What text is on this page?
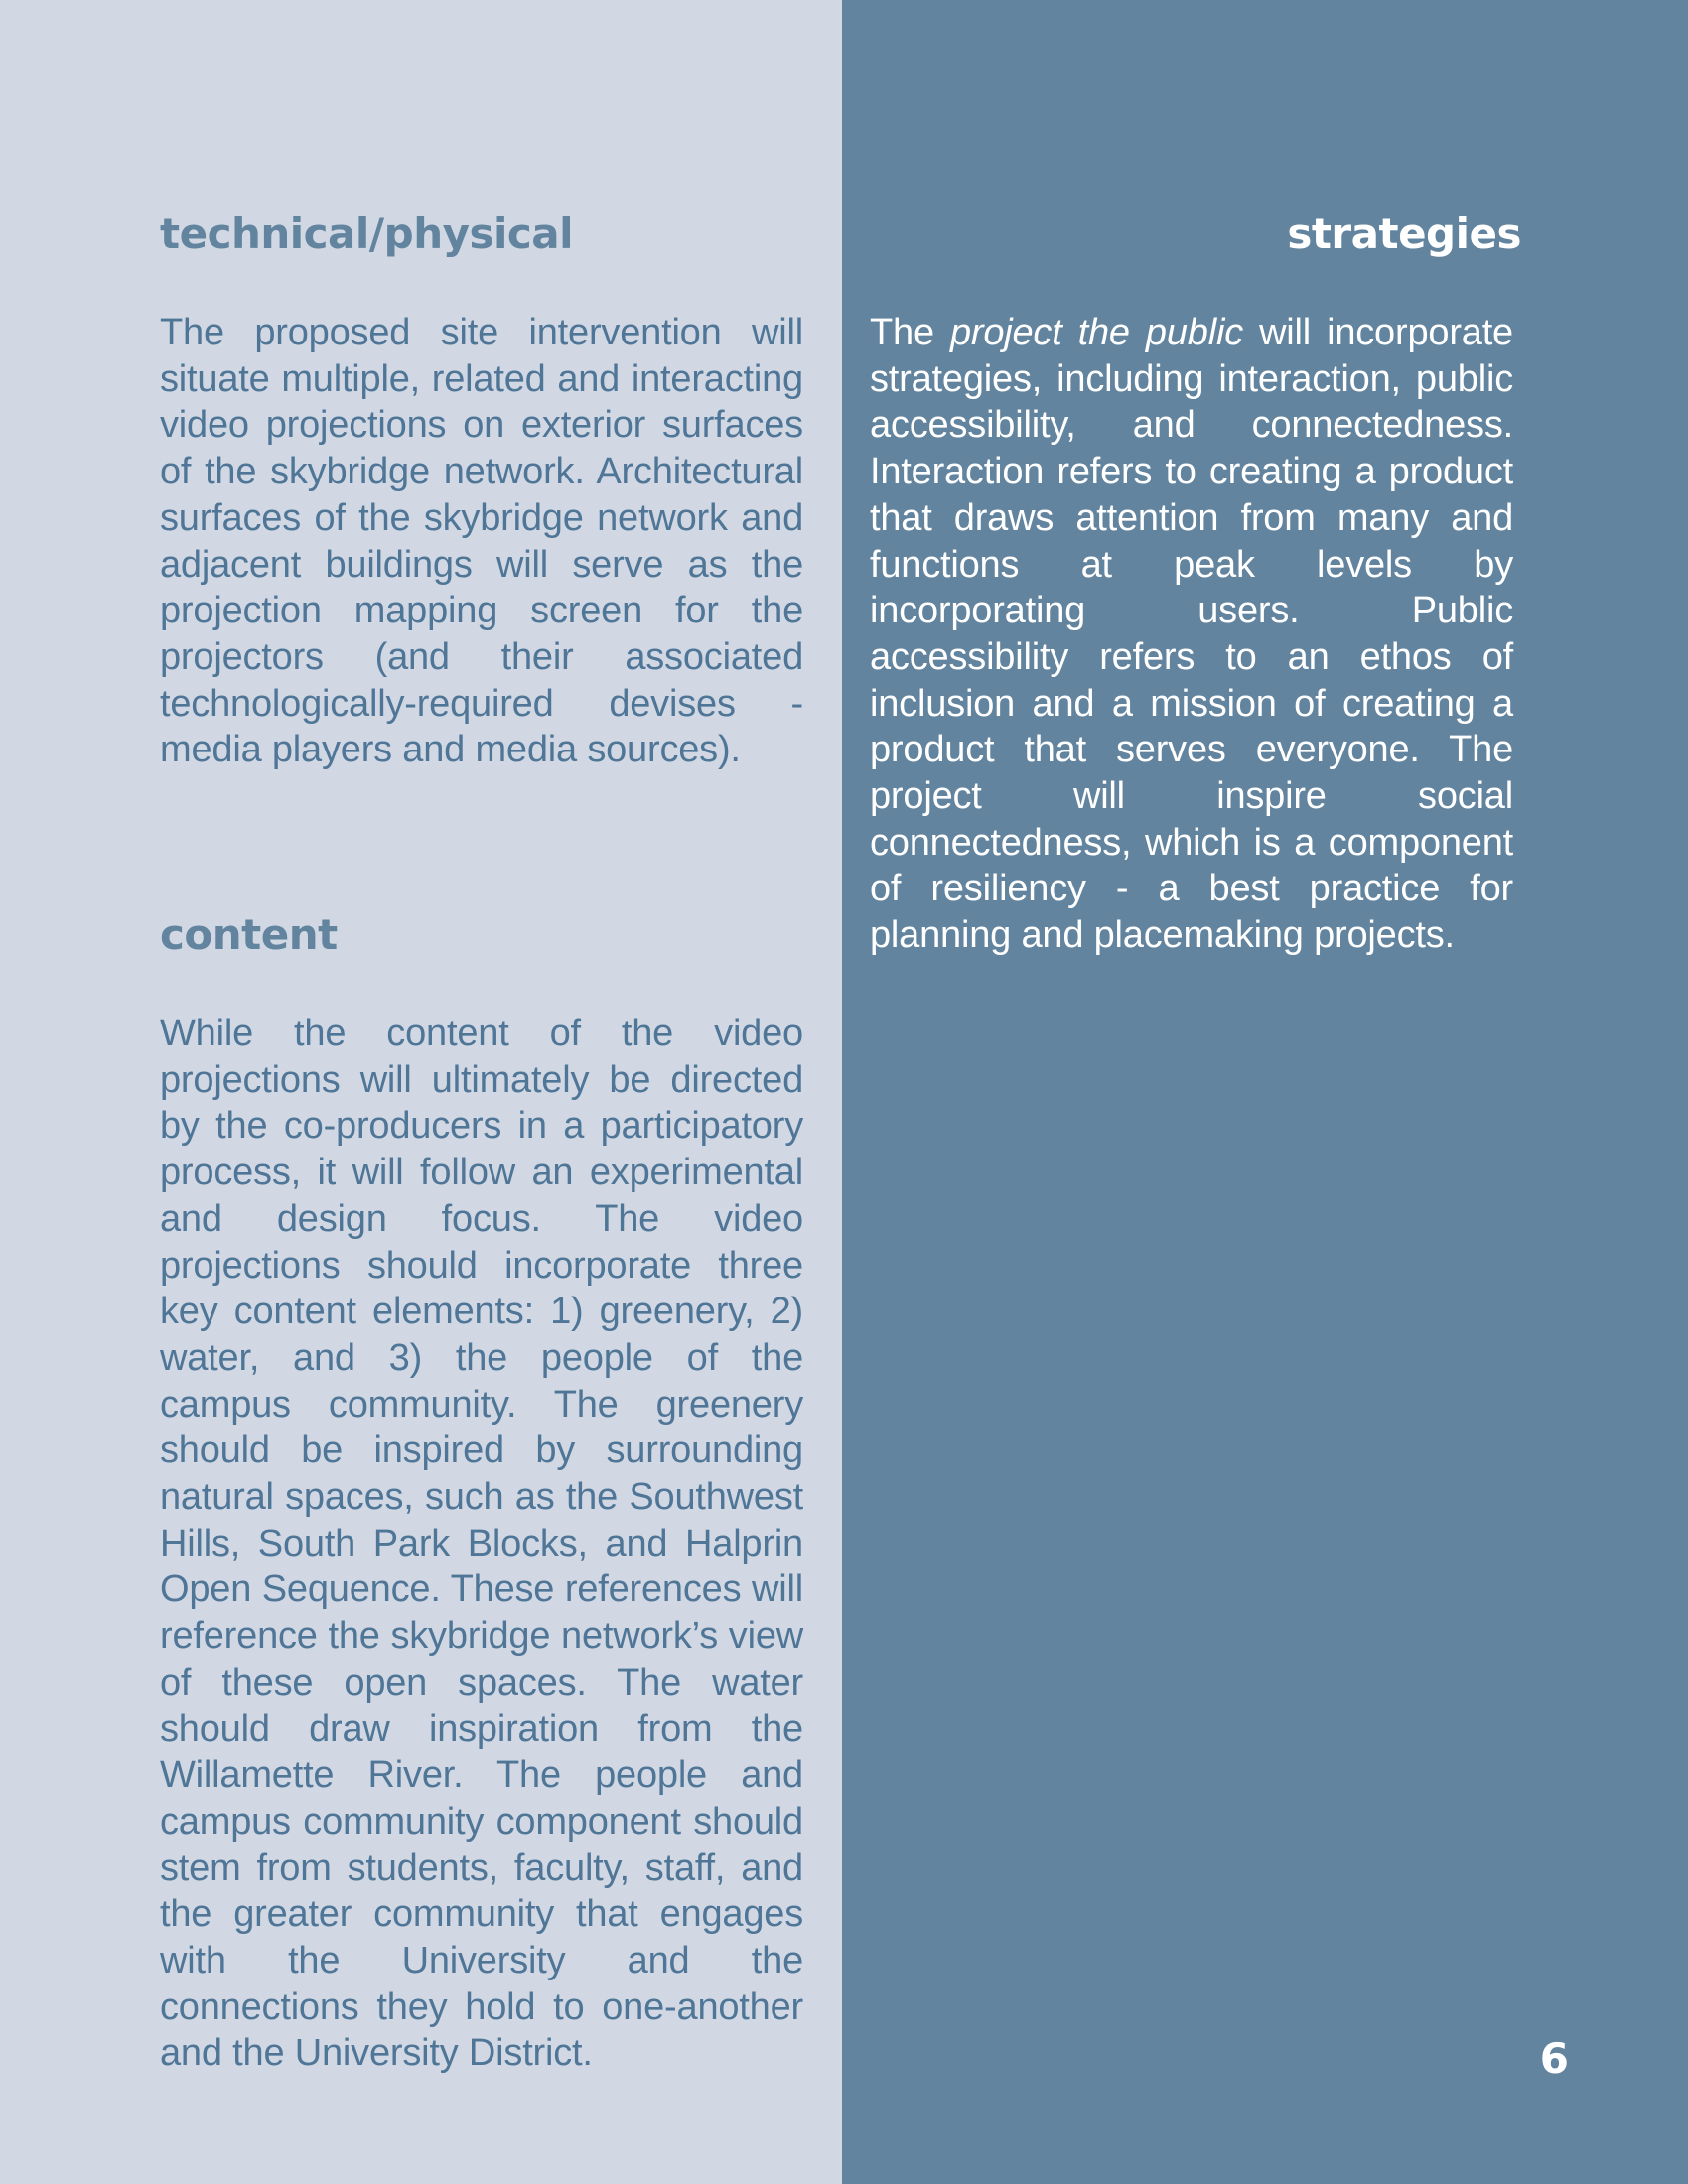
technical/physical

The proposed site intervention will situate multiple, related and interacting video projections on exterior surfaces of the skybridge network. Architectural surfaces of the skybridge network and adjacent buildings will serve as the projection mapping screen for the projectors (and their associated technologically-required devises - media players and media sources).

content

While the content of the video projections will ultimately be directed by the co-producers in a participatory process, it will follow an experimental and design focus. The video projections should incorporate three key content elements: 1) greenery, 2) water, and 3) the people of the campus community. The greenery should be inspired by surrounding natural spaces, such as the Southwest Hills, South Park Blocks, and Halprin Open Sequence. These references will reference the skybridge network’s view of these open spaces. The water should draw inspiration from the Willamette River. The people and campus community component should stem from students, faculty, staff, and the greater community that engages with the University and the connections they hold to one-another and the University District.

strategies

The project the public will incorporate strategies, including interaction, public accessibility, and connectedness. Interaction refers to creating a product that draws attention from many and functions at peak levels by incorporating users. Public accessibility refers to an ethos of inclusion and a mission of creating a product that serves everyone. The project will inspire social connectedness, which is a component of resiliency - a best practice for planning and placemaking projects.

6
